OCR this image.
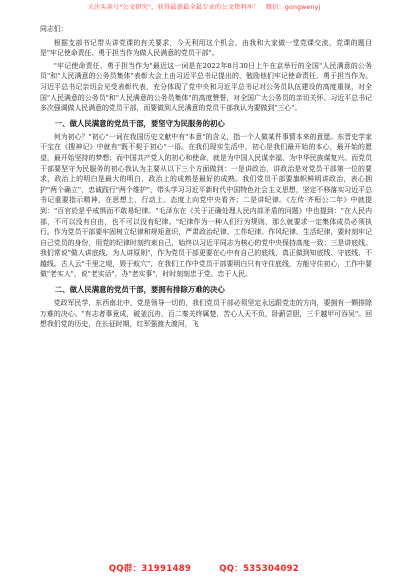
关注头条号"公文研究"，获得最新最全最专业的公文资料库！ 微信：gongwenyj

同志们：

根据支部书记带头讲党课的有关要求，今天利用这个机会，由我和大家做一堂党课交流，党课的题目是"牢记使命责任、勇于担当作为做人民满意的党员干部"。

"牢记使命责任、勇于担当作为"最近这一词是在2022年8月30日上午在京举行的全国"人民满意的公务员"和"人民满意的公务员集体"表彰大会上由习近平总书记提出的，勉励他们牢记使命责任、勇于担当作为。习近平总书记亲切会见受表彰代表，充分体现了党中央和习近平总书记对公务员队伍建设的高度重视，对全国"人民满意的公务员"和"人民满意的公务员集体"的高度赞誉，对全国广大公务员的亲切关怀。习近平总书记多次强调做人民满意的党员干部，而要做到人民满意的党员干部我认为要做到"三心"。

一、做人民满意的党员干部，要坚守为民服务的初心

何为初心？"初心"一词在我国历史文献中有"本意"的含义，指一个人做某件事情本来的意愿。东晋史学家干宝在《搜神记》中就有"既不契于初心"一语。在我们现实生活中，初心是我们最开始的本心，最开始的愿望，最开始坚持的梦想；而中国共产党人的初心和使命，就是为中国人民谋幸福，为中华民族谋复兴。而党员干部要坚守为民服务的初心我认为主要从以下三个方面做到：一是讲政治，讲政治是对党员干部第一位的要求，政治上的明白是最大的明白，政治上的成熟是最好的成熟。我们党员干部要旗帜鲜明讲政治，表心拥护"两个确立"，忠诚践行"两个维护"，带头学习习近平新时代中国特色社会主义思想，坚定不移落实习近平总书记重要指示精神，在思想上、行动上、态度上向党中央看齐；二是讲纪律。《左传·齐桓公二年》中就提到："百官於是乎戒惧而不敢易纪律。"毛泽东在《关于正确处理人民内部矛盾的问题》中也提到："在人民内部，不可以没有自由，也不可以没有纪律。"纪律作为一种人们行为规则，那么就要求一定集体成员必须执行。作为党员干部要牢固树立纪律和规矩意识，严肃政治纪律、工作纪律、作风纪律、生活纪律，要时刻牢记自己党员的身份，用党的纪律时刻约束自己，始终以习近平同志为核心的党中央保持高度一致；三是讲底线。我们常说"做人讲底线，为人讲原则"，作为党员干部更要在心中有自己的底线，真正做到知底线、守底线、不越线。古人云"千里之堤，毁于蚁穴"，在我们工作中党员干部要明白只有守住底线，方能守住初心，工作中要做"老实人"，说"老实话"，办"老实事"，时时刻刻忠于党、忠于人民。

二、做人民满意的党员干部，要拥有排除万难的决心

党政军民学，东西南北中，党是领导一切的，我们党员干部必须坚定永远跟党走的方向，要拥有一颗排除万难的决心。"有志者事竟成，破釜沉舟，百二秦关终属楚，苦心人天不负，卧薪尝胆，三千越甲可吞吴"。回想我们党的历史，在长征时期，红军强渡大渡河，飞

QQ群：31991489	QQ：535304092
